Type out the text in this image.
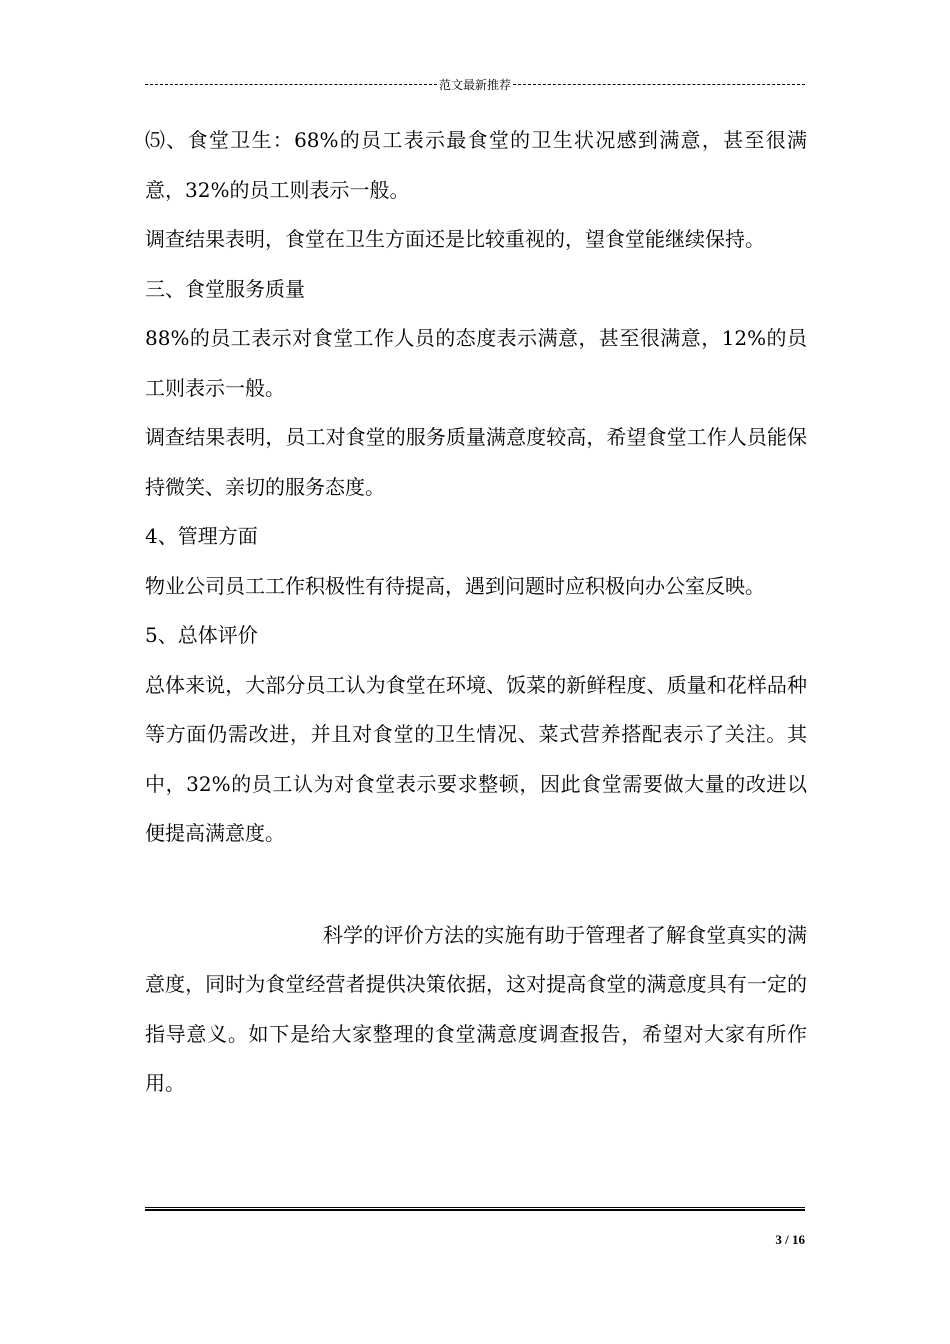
范文最新推荐

⑸、食堂卫生：68%的员工表示最食堂的卫生状况感到满意，甚至很满意，32%的员工则表示一般。

调查结果表明，食堂在卫生方面还是比较重视的，望食堂能继续保持。

三、食堂服务质量

88%的员工表示对食堂工作人员的态度表示满意，甚至很满意，12%的员工则表示一般。

调查结果表明，员工对食堂的服务质量满意度较高，希望食堂工作人员能保持微笑、亲切的服务态度。

4、管理方面

物业公司员工工作积极性有待提高，遇到问题时应积极向办公室反映。

5、总体评价

总体来说，大部分员工认为食堂在环境、饭菜的新鲜程度、质量和花样品种等方面仍需改进，并且对食堂的卫生情况、菜式营养搭配表示了关注。其中，32%的员工认为对食堂表示要求整顿，因此食堂需要做大量的改进以便提高满意度。

科学的评价方法的实施有助于管理者了解食堂真实的满意度，同时为食堂经营者提供决策依据，这对提高食堂的满意度具有一定的指导意义。如下是给大家整理的食堂满意度调查报告，希望对大家有所作用。

3 / 16
